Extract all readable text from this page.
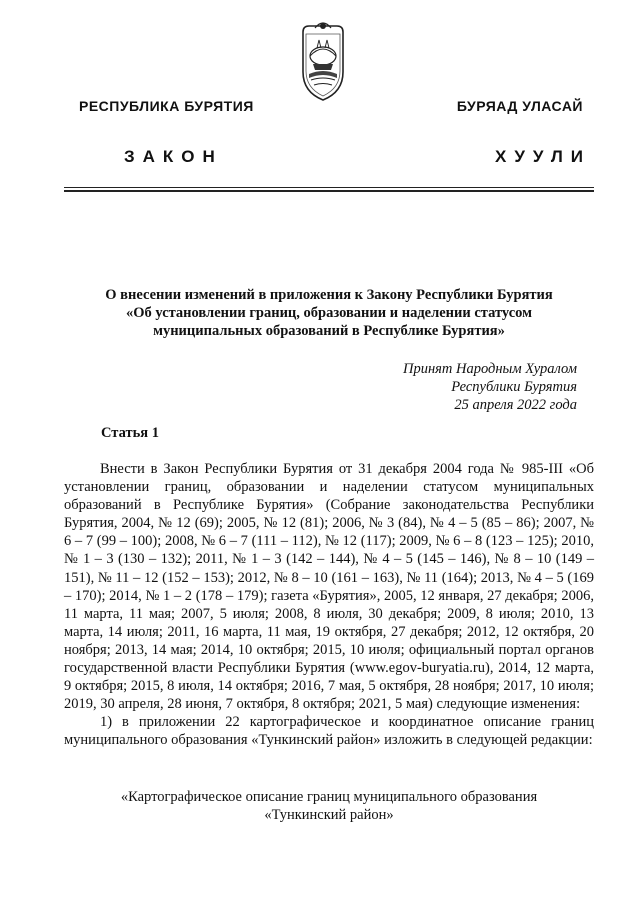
РЕСПУБЛИКА БУРЯТИЯ	БУРЯАД УЛАСАЙ
ЗАКОН	ХУУЛИ
О внесении изменений в приложения к Закону Республики Бурятия
«Об установлении границ, образовании и наделении статусом
муниципальных образований в Республике Бурятия»
Принят Народным Хуралом
Республики Бурятия
25 апреля 2022 года
Статья 1

Внести в Закон Республики Бурятия от 31 декабря 2004 года № 985-III «Об установлении границ, образовании и наделении статусом муниципальных образований в Республике Бурятия» (Собрание законодательства Республики Бурятия, 2004, № 12 (69); 2005, № 12 (81); 2006, № 3 (84), № 4 – 5 (85 – 86); 2007, № 6 – 7 (99 – 100); 2008, № 6 – 7 (111 – 112), № 12 (117); 2009, № 6 – 8 (123 – 125); 2010, № 1 – 3 (130 – 132); 2011, № 1 – 3 (142 – 144), № 4 – 5 (145 – 146), № 8 – 10 (149 – 151), № 11 – 12 (152 – 153); 2012, № 8 – 10 (161 – 163), № 11 (164); 2013, № 4 – 5 (169 – 170); 2014, № 1 – 2 (178 – 179); газета «Бурятия», 2005, 12 января, 27 декабря; 2006, 11 марта, 11 мая; 2007, 5 июля; 2008, 8 июля, 30 декабря; 2009, 8 июля; 2010, 13 марта, 14 июля; 2011, 16 марта, 11 мая, 19 октября, 27 декабря; 2012, 12 октября, 20 ноября; 2013, 14 мая; 2014, 10 октября; 2015, 10 июля; официальный портал органов государственной власти Республики Бурятия (www.egov-buryatia.ru), 2014, 12 марта, 9 октября; 2015, 8 июля, 14 октября; 2016, 7 мая, 5 октября, 28 ноября; 2017, 10 июля; 2019, 30 апреля, 28 июня, 7 октября, 8 октября; 2021, 5 мая) следующие изменения:

1) в приложении 22 картографическое и координатное описание границ муниципального образования «Тункинский район» изложить в следующей редакции:

«Картографическое описание границ муниципального образования
«Тункинский район»
